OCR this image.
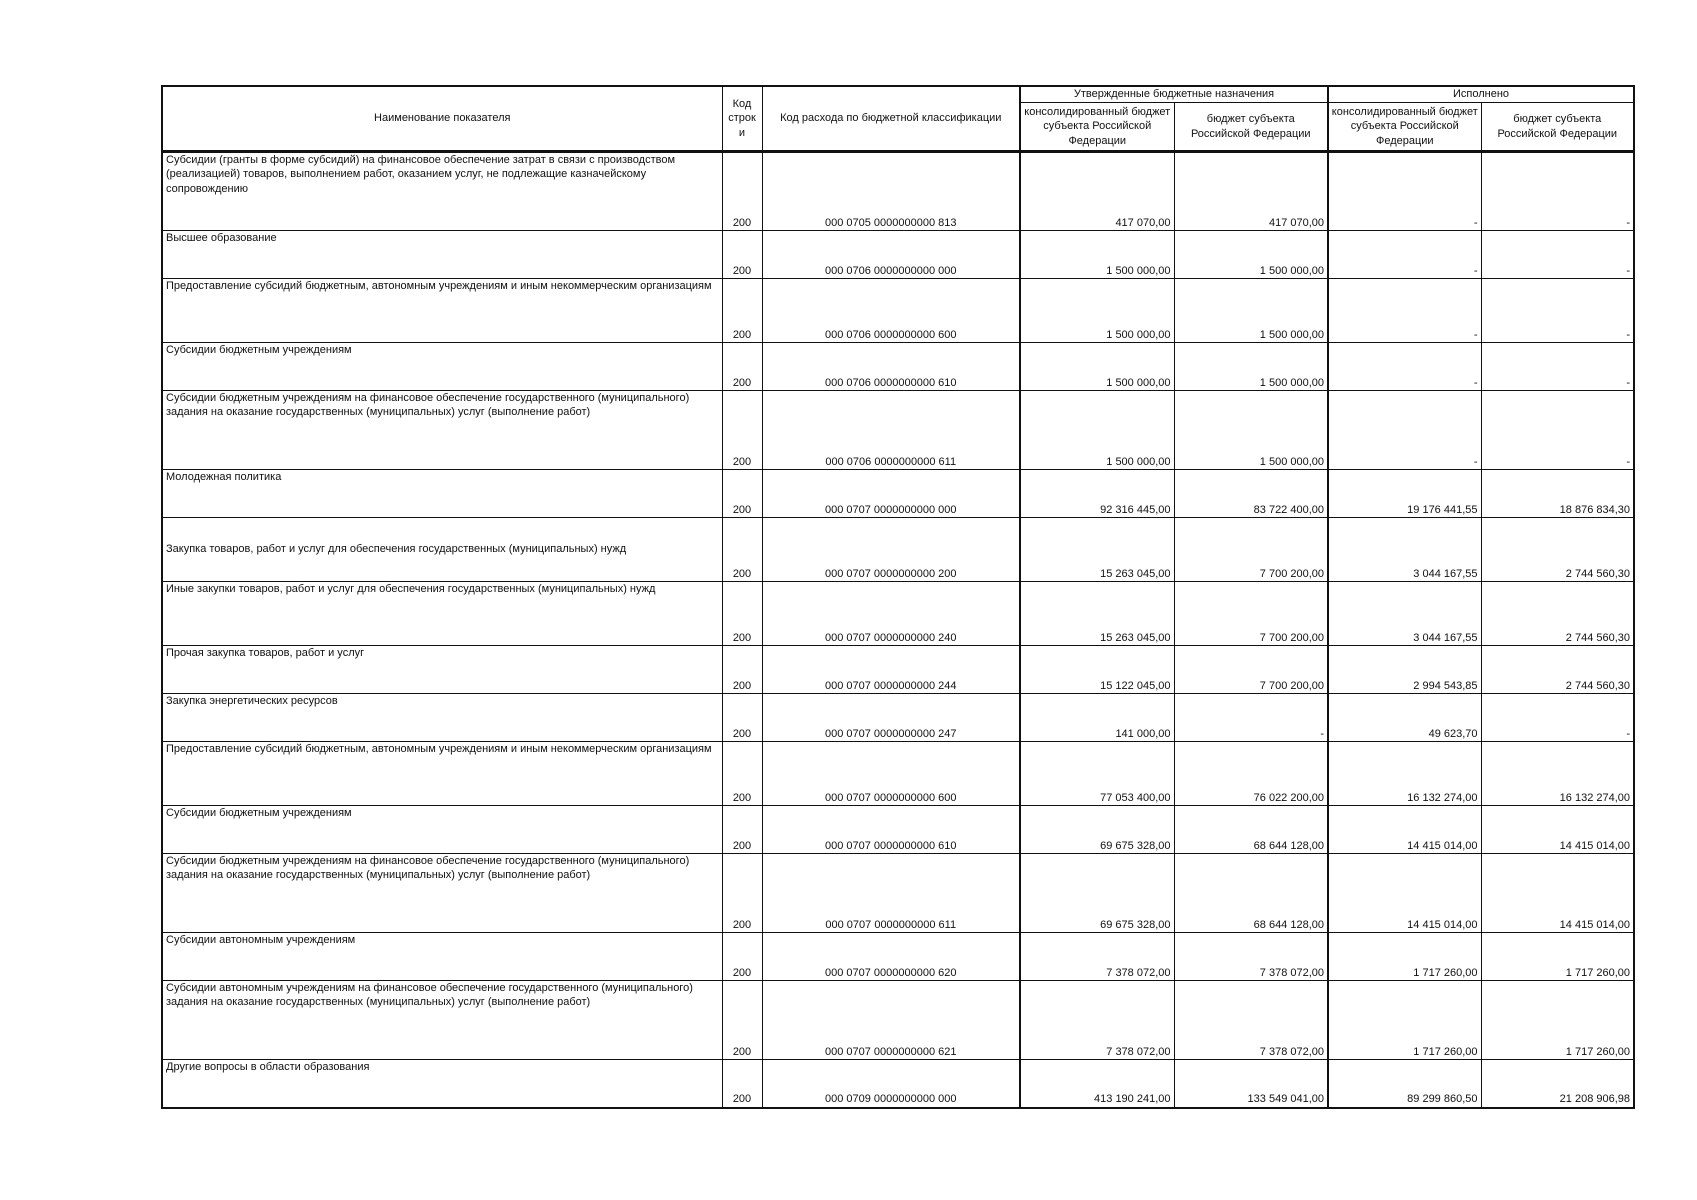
Наименование показателя	Код строк и	Код расхода по бюджетной классификации	Утвержденные бюджетные назначения		Исполнено	
			консолидированный бюджет субъекта Российской Федерации	бюджет субъекта Российской Федерации	консолидированный бюджет субъекта Российской Федерации	бюджет субъекта Российской Федерации
Субсидии (гранты в форме субсидий) на финансовое обеспечение затрат в связи с производством (реализацией) товаров, выполнением работ, оказанием услуг, не подлежащие казначейскому сопровождению	200	000 0705 0000000000 813	417 070,00	417 070,00	-	-
Высшее образование	200	000 0706 0000000000 000	1 500 000,00	1 500 000,00	-	-
Предоставление субсидий бюджетным, автономным учреждениям и иным некоммерческим организациям	200	000 0706 0000000000 600	1 500 000,00	1 500 000,00	-	-
Субсидии бюджетным учреждениям	200	000 0706 0000000000 610	1 500 000,00	1 500 000,00	-	-
Субсидии бюджетным учреждениям на финансовое обеспечение государственного (муниципального) задания на оказание государственных (муниципальных) услуг (выполнение работ)	200	000 0706 0000000000 611	1 500 000,00	1 500 000,00	-	-
Молодежная политика	200	000 0707 0000000000 000	92 316 445,00	83 722 400,00	19 176 441,55	18 876 834,30
Закупка товаров, работ и услуг для обеспечения государственных (муниципальных) нужд	200	000 0707 0000000000 200	15 263 045,00	7 700 200,00	3 044 167,55	2 744 560,30
Иные закупки товаров, работ и услуг для обеспечения государственных (муниципальных) нужд	200	000 0707 0000000000 240	15 263 045,00	7 700 200,00	3 044 167,55	2 744 560,30
Прочая закупка товаров, работ и услуг	200	000 0707 0000000000 244	15 122 045,00	7 700 200,00	2 994 543,85	2 744 560,30
Закупка энергетических ресурсов	200	000 0707 0000000000 247	141 000,00	-	49 623,70	-
Предоставление субсидий бюджетным, автономным учреждениям и иным некоммерческим организациям	200	000 0707 0000000000 600	77 053 400,00	76 022 200,00	16 132 274,00	16 132 274,00
Субсидии бюджетным учреждениям	200	000 0707 0000000000 610	69 675 328,00	68 644 128,00	14 415 014,00	14 415 014,00
Субсидии бюджетным учреждениям на финансовое обеспечение государственного (муниципального) задания на оказание государственных (муниципальных) услуг (выполнение работ)	200	000 0707 0000000000 611	69 675 328,00	68 644 128,00	14 415 014,00	14 415 014,00
Субсидии автономным учреждениям	200	000 0707 0000000000 620	7 378 072,00	7 378 072,00	1 717 260,00	1 717 260,00
Субсидии автономным учреждениям на финансовое обеспечение государственного (муниципального) задания на оказание государственных (муниципальных) услуг (выполнение работ)	200	000 0707 0000000000 621	7 378 072,00	7 378 072,00	1 717 260,00	1 717 260,00
Другие вопросы в области образования	200	000 0709 0000000000 000	413 190 241,00	133 549 041,00	89 299 860,50	21 208 906,98
